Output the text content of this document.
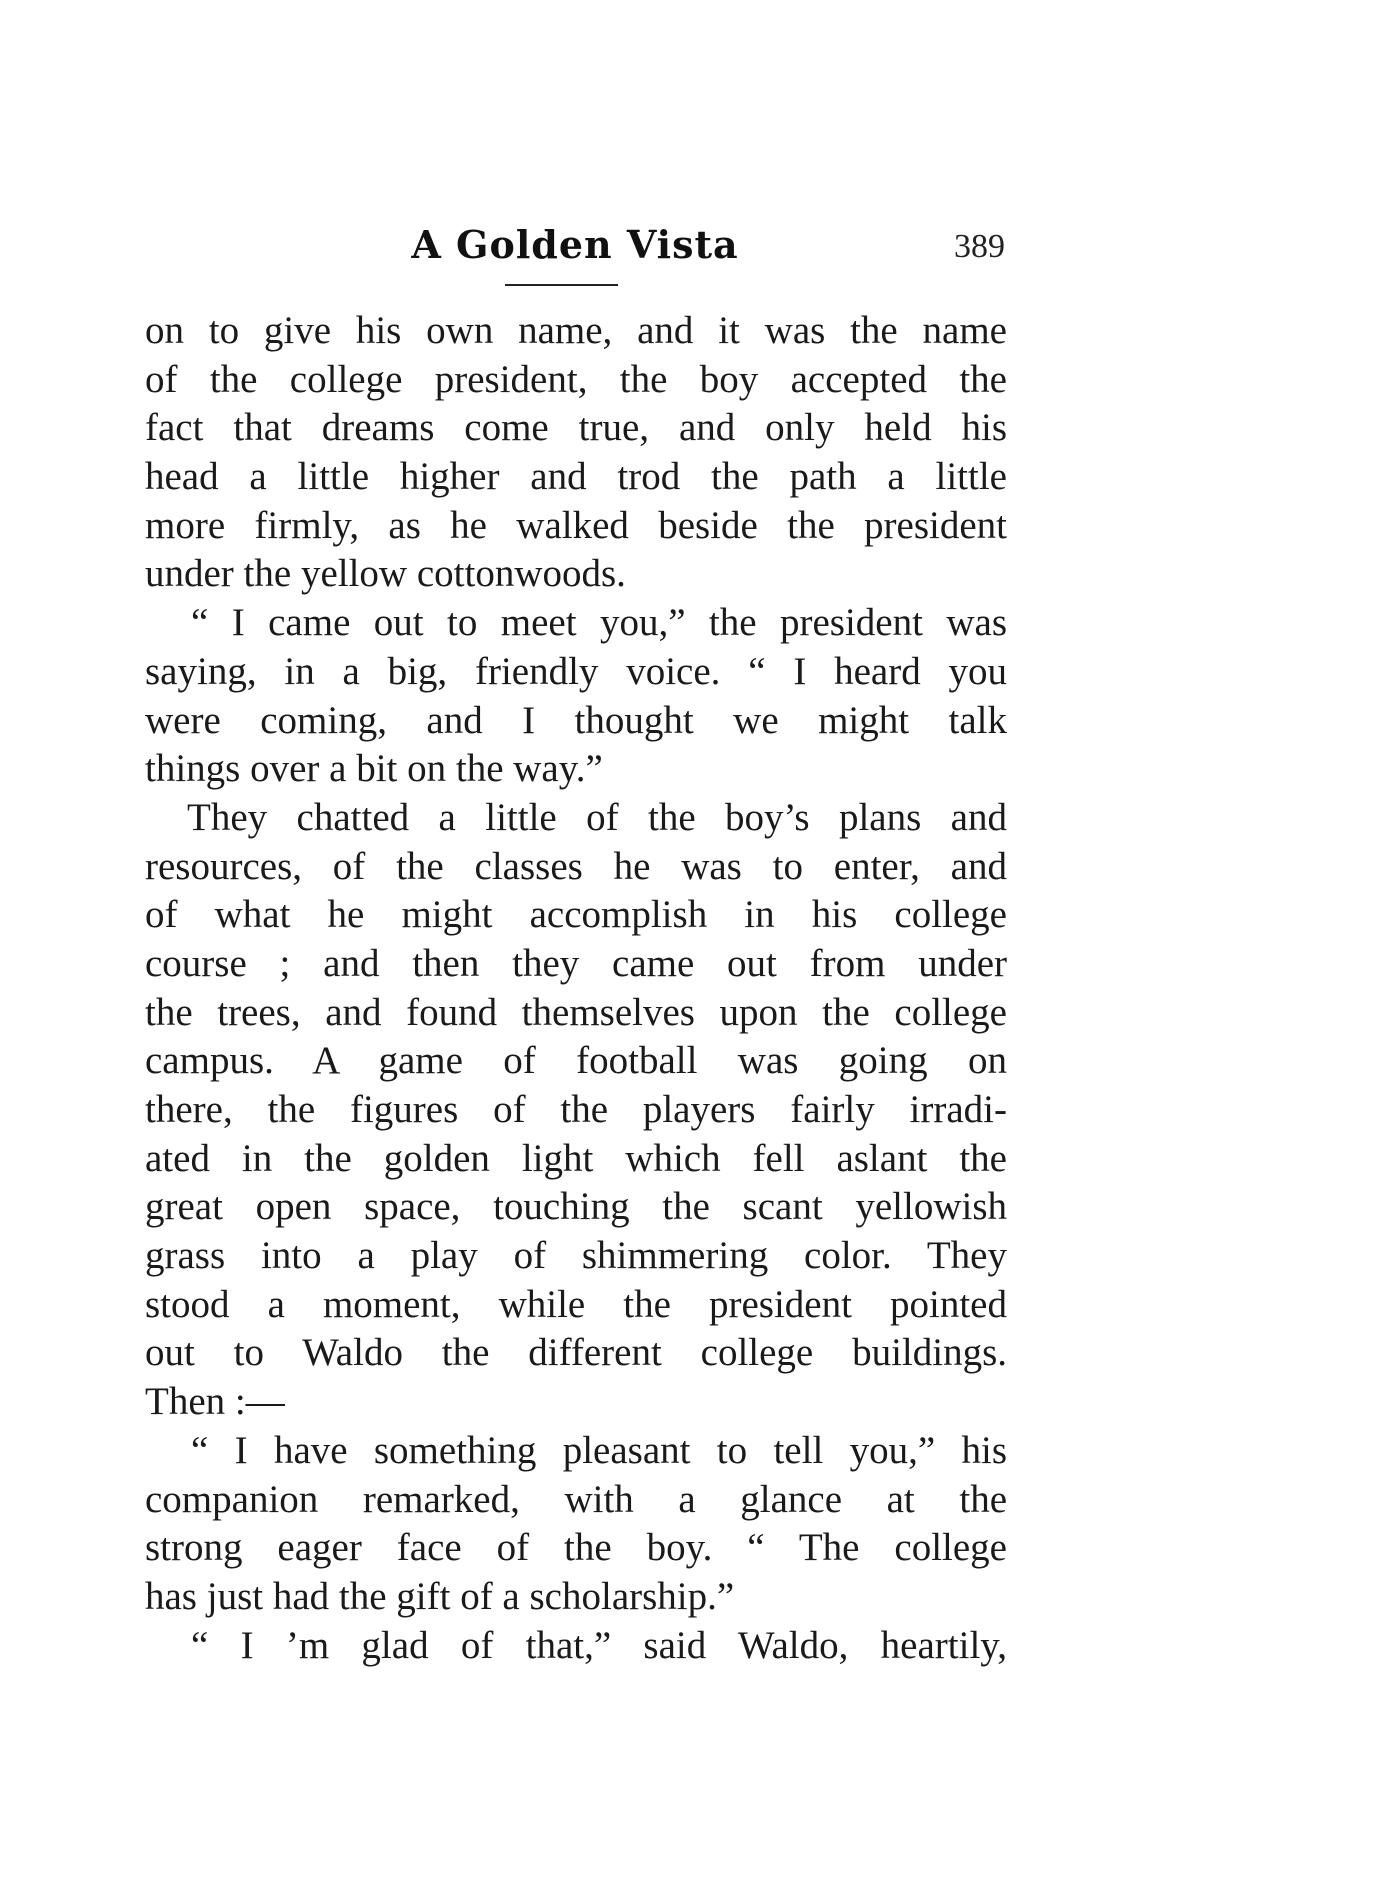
A Golden Vista	389
on to give his own name, and it was the name
of the college president, the boy accepted the
fact that dreams come true, and only held his
head a little higher and trod the path a little
more firmly, as he walked beside the president
under the yellow cottonwoods.
“ I came out to meet you,” the president was
saying, in a big, friendly voice. “ I heard you
were coming, and I thought we might talk
things over a bit on the way.”
They chatted a little of the boy’s plans and
resources, of the classes he was to enter, and
of what he might accomplish in his college
course ; and then they came out from under
the trees, and found themselves upon the college
campus. A game of football was going on
there, the figures of the players fairly irradi-
ated in the golden light which fell aslant the
great open space, touching the scant yellowish
grass into a play of shimmering color. They
stood a moment, while the president pointed
out to Waldo the different college buildings.
Then :—
“ I have something pleasant to tell you,” his
companion remarked, with a glance at the
strong eager face of the boy. “ The college
has just had the gift of a scholarship.”
“ I ’m glad of that,” said Waldo, heartily,
